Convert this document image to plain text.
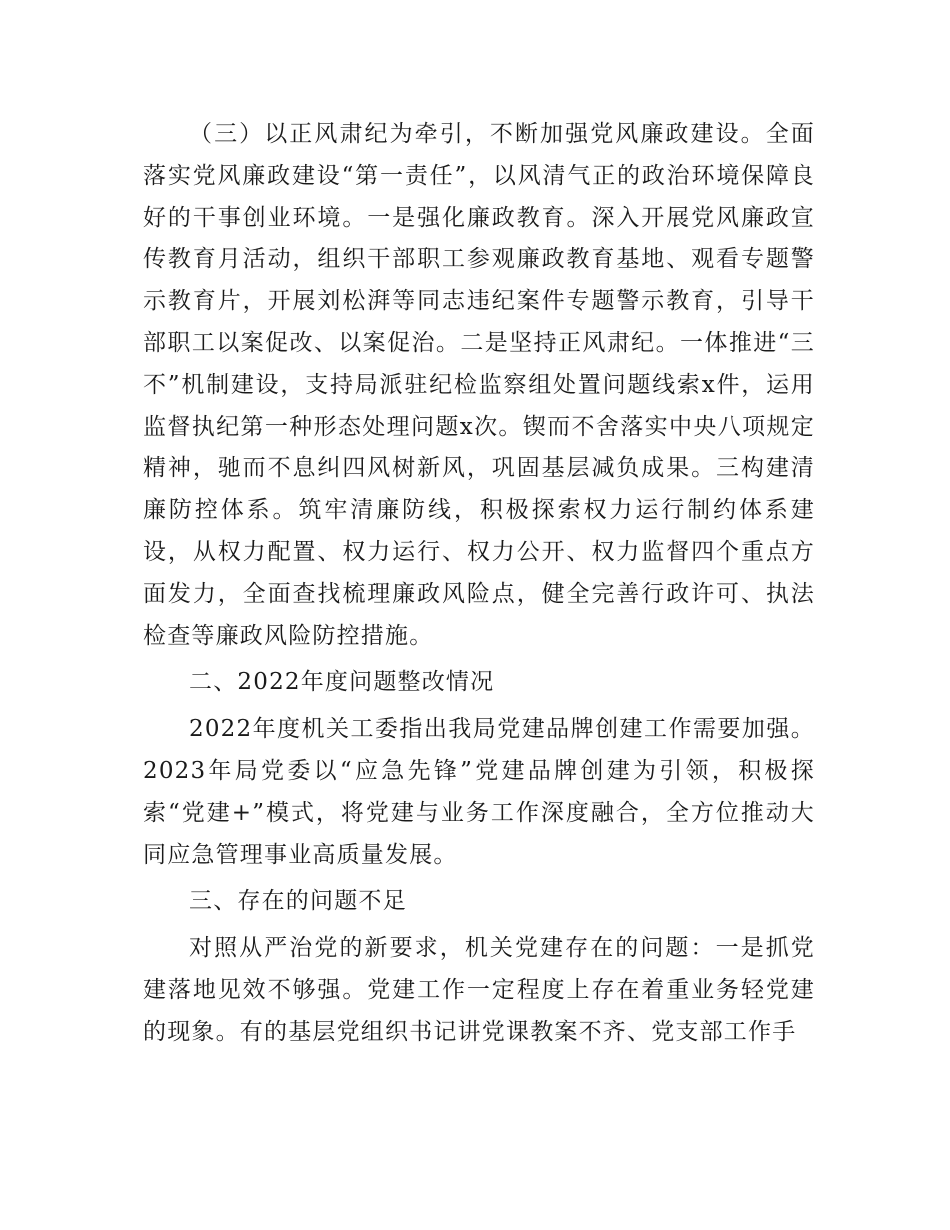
（三）以正风肃纪为牵引，不断加强党风廉政建设。全面落实党风廉政建设“第一责任”，以风清气正的政治环境保障良好的干事创业环境。一是强化廉政教育。深入开展党风廉政宣传教育月活动，组织干部职工参观廉政教育基地、观看专题警示教育片，开展刘松湃等同志违纪案件专题警示教育，引导干部职工以案促改、以案促治。二是坚持正风肃纪。一体推进“三不”机制建设，支持局派驻纪检监察组处置问题线索x件，运用监督执纪第一种形态处理问题x次。锲而不舍落实中央八项规定精神，驰而不息纠四风树新风，巩固基层减负成果。三构建清廉防控体系。筑牢清廉防线，积极探索权力运行制约体系建设，从权力配置、权力运行、权力公开、权力监督四个重点方面发力，全面查找梳理廉政风险点，健全完善行政许可、执法检查等廉政风险防控措施。

二、2022年度问题整改情况

2022年度机关工委指出我局党建品牌创建工作需要加强。2023年局党委以“应急先锋”党建品牌创建为引领，积极探索“党建+”模式，将党建与业务工作深度融合，全方位推动大同应急管理事业高质量发展。

三、存在的问题不足

对照从严治党的新要求，机关党建存在的问题：一是抓党建落地见效不够强。党建工作一定程度上存在着重业务轻党建的现象。有的基层党组织书记讲党课教案不齐、党支部工作手
